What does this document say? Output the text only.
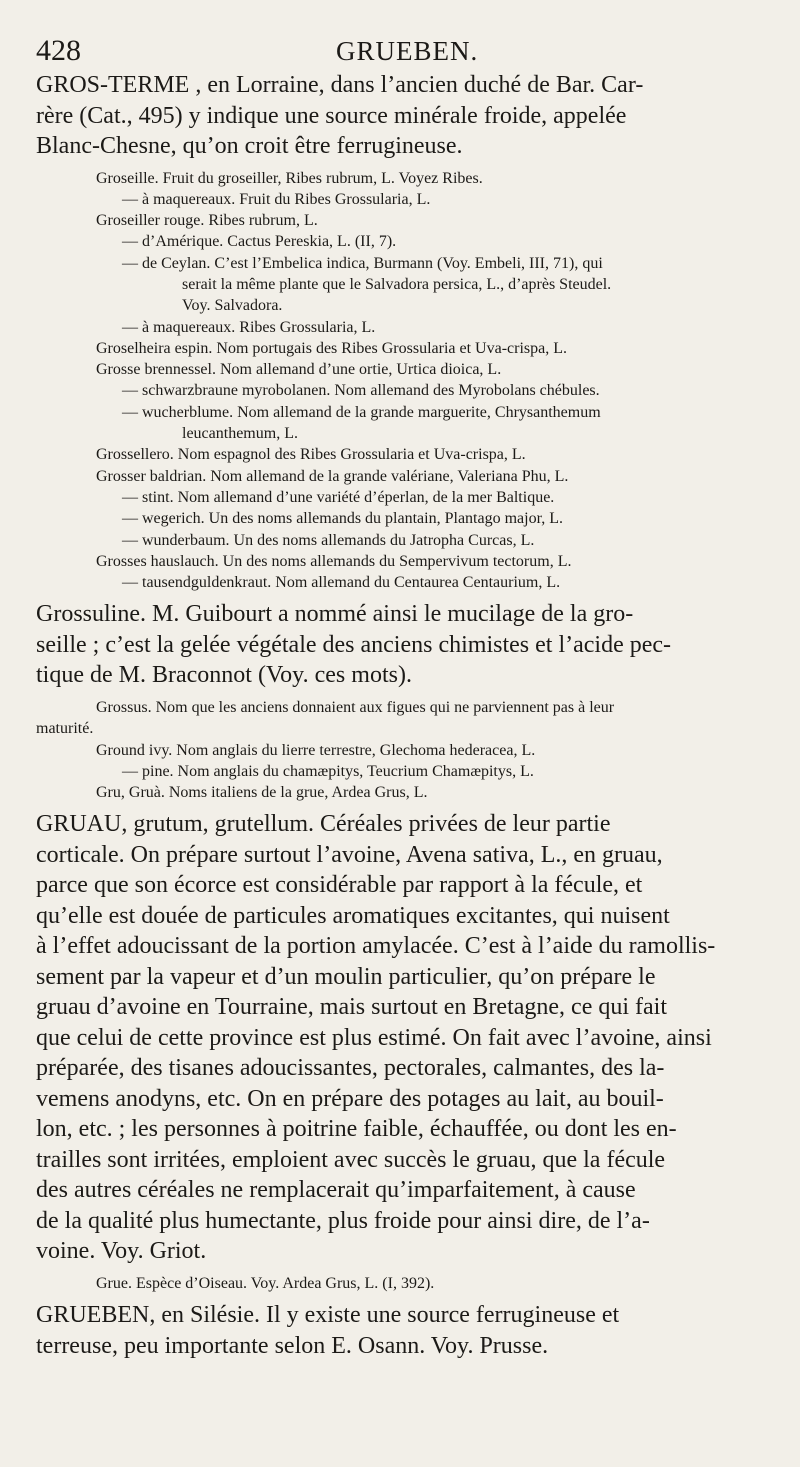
428	GRUEBEN.

GROS-TERME , en Lorraine, dans l’ancien duché de Bar. Car-

rère (Cat., 495) y indique une source minérale froide, appelée

Blanc-Chesne, qu’on croit être ferrugineuse.

Groseille. Fruit du groseiller, Ribes rubrum, L. Voyez Ribes.

— à maquereaux. Fruit du Ribes Grossularia, L.

Groseiller rouge. Ribes rubrum, L.

— d’Amérique. Cactus Pereskia, L. (II, 7).

— de Ceylan. C’est l’Embelica indica, Burmann (Voy. Embeli, III, 71), qui

serait la même plante que le Salvadora persica, L., d’après Steudel.

Voy. Salvadora.

— à maquereaux. Ribes Grossularia, L.

Groselheira espin. Nom portugais des Ribes Grossularia et Uva-crispa, L.

Grosse brennessel. Nom allemand d’une ortie, Urtica dioica, L.

— schwarzbraune myrobolanen. Nom allemand des Myrobolans chébules.

— wucherblume. Nom allemand de la grande marguerite, Chrysanthemum

leucanthemum, L.

Grossellero. Nom espagnol des Ribes Grossularia et Uva-crispa, L.

Grosser baldrian. Nom allemand de la grande valériane, Valeriana Phu, L.

— stint. Nom allemand d’une variété d’éperlan, de la mer Baltique.

— wegerich. Un des noms allemands du plantain, Plantago major, L.

— wunderbaum. Un des noms allemands du Jatropha Curcas, L.

Grosses hauslauch. Un des noms allemands du Sempervivum tectorum, L.

— tausendguldenkraut. Nom allemand du Centaurea Centaurium, L.

Grossuline. M. Guibourt a nommé ainsi le mucilage de la gro-

seille ; c’est la gelée végétale des anciens chimistes et l’acide pec-

tique de M. Braconnot (Voy. ces mots).

Grossus. Nom que les anciens donnaient aux figues qui ne parviennent pas à leur

maturité.

Ground ivy. Nom anglais du lierre terrestre, Glechoma hederacea, L.

— pine. Nom anglais du chamæpitys, Teucrium Chamæpitys, L.

Gru, Gruà. Noms italiens de la grue, Ardea Grus, L.

GRUAU, grutum, grutellum. Céréales privées de leur partie

corticale. On prépare surtout l’avoine, Avena sativa, L., en gruau,

parce que son écorce est considérable par rapport à la fécule, et

qu’elle est douée de particules aromatiques excitantes, qui nuisent

à l’effet adoucissant de la portion amylacée. C’est à l’aide du ramollis-

sement par la vapeur et d’un moulin particulier, qu’on prépare le

gruau d’avoine en Tourraine, mais surtout en Bretagne, ce qui fait

que celui de cette province est plus estimé. On fait avec l’avoine, ainsi

préparée, des tisanes adoucissantes, pectorales, calmantes, des la-

vemens anodyns, etc. On en prépare des potages au lait, au bouil-

lon, etc. ; les personnes à poitrine faible, échauffée, ou dont les en-

trailles sont irritées, emploient avec succès le gruau, que la fécule

des autres céréales ne remplacerait qu’imparfaitement, à cause

de la qualité plus humectante, plus froide pour ainsi dire, de l’a-

voine. Voy. Griot.

Grue. Espèce d’Oiseau. Voy. Ardea Grus, L. (I, 392).

GRUEBEN, en Silésie. Il y existe une source ferrugineuse et

terreuse, peu importante selon E. Osann. Voy. Prusse.
